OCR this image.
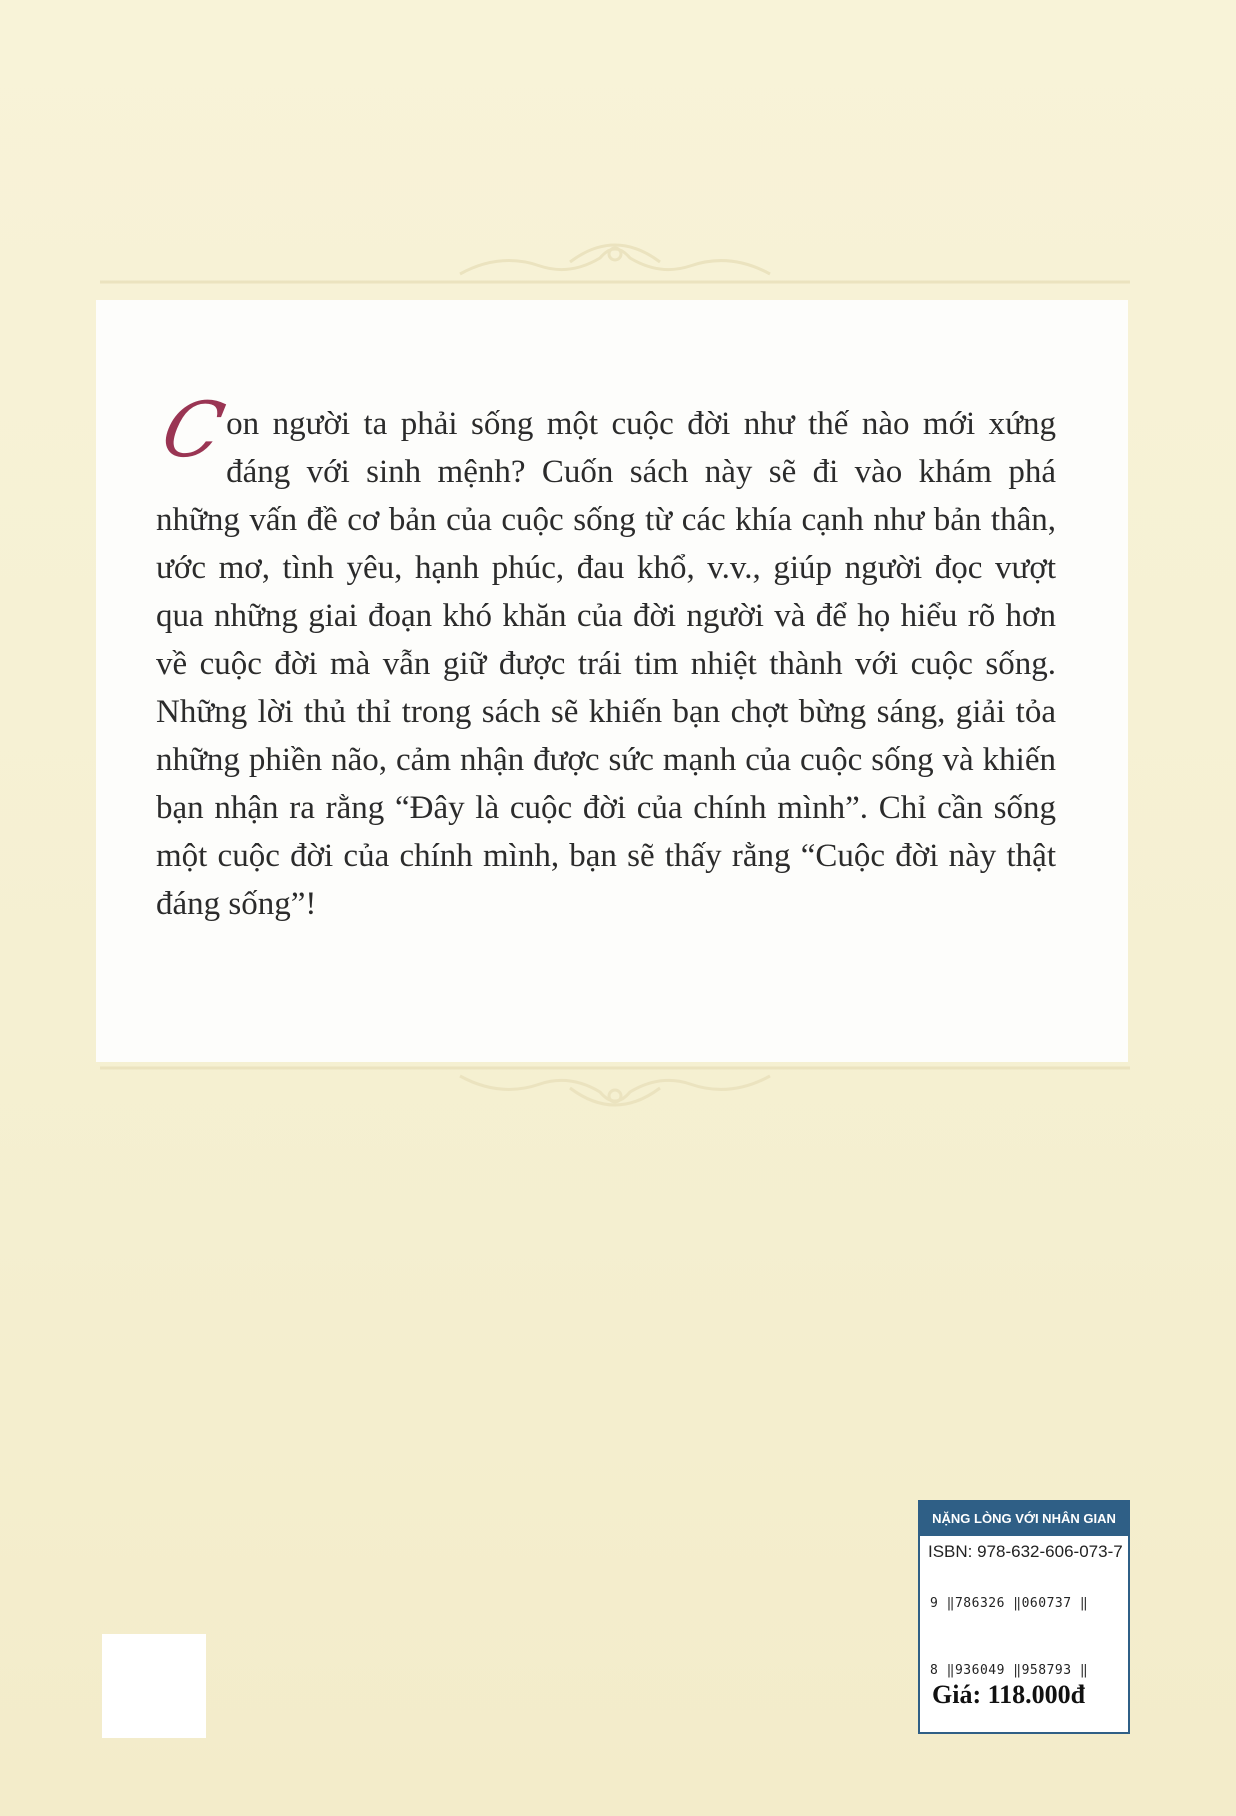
C
on người ta phải sống một cuộc đời như thế nào mới xứng đáng với sinh mệnh? Cuốn sách này sẽ đi vào khám phá những vấn đề cơ bản của cuộc sống từ các khía cạnh như bản thân, ước mơ, tình yêu, hạnh phúc, đau khổ, v.v., giúp người đọc vượt qua những giai đoạn khó khăn của đời người và để họ hiểu rõ hơn về cuộc đời mà vẫn giữ được trái tim nhiệt thành với cuộc sống. Những lời thủ thỉ trong sách sẽ khiến bạn chợt bừng sáng, giải tỏa những phiền não, cảm nhận được sức mạnh của cuộc sống và khiến bạn nhận ra rằng “Đây là cuộc đời của chính mình”. Chỉ cần sống một cuộc đời của chính mình, bạn sẽ thấy rằng “Cuộc đời này thật đáng sống”!

NẶNG LÒNG VỚI NHÂN GIAN
ISBN: 978-632-606-073-7
9 ‖786326 ‖060737 ‖
8 ‖936049 ‖958793 ‖
Giá: 118.000đ
